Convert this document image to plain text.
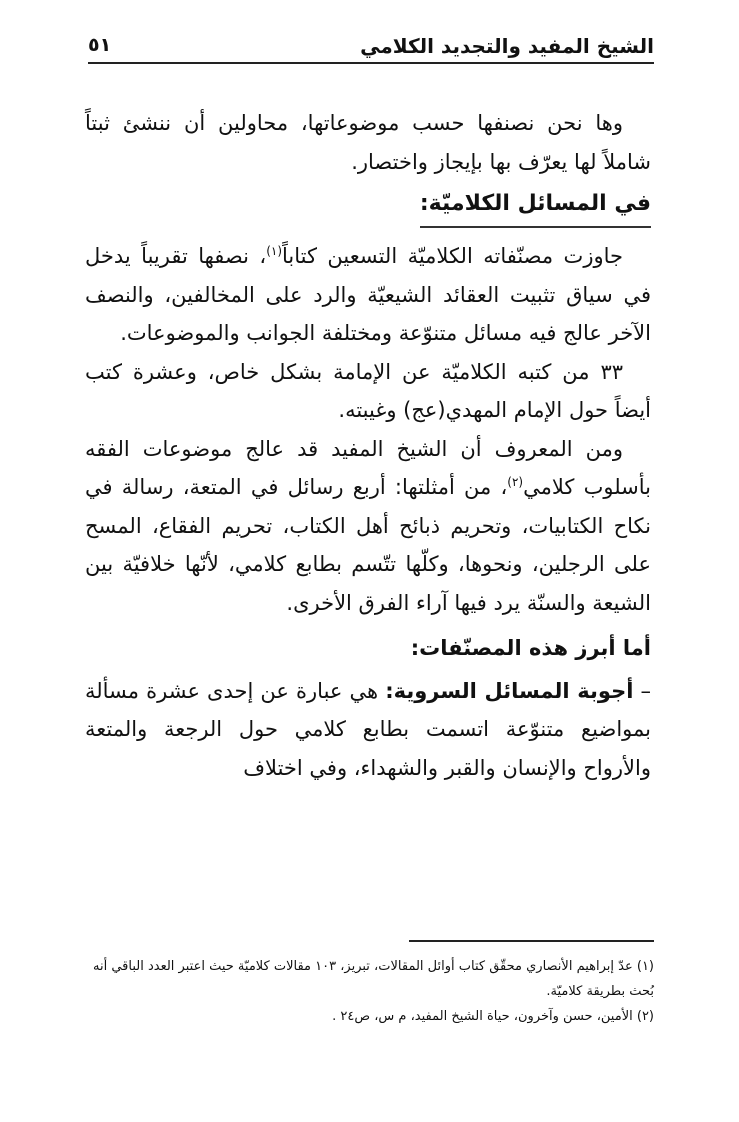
الشيخ المفيد والتجديد الكلامي
٥١

وها نحن نصنفها حسب موضوعاتها، محاولين أن ننشئ ثبتاً شاملاً لها يعرّف بها بإيجاز واختصار.

في المسائل الكلاميّة:

جاوزت مصنّفاته الكلاميّة التسعين كتاباً$^{(١)}$، نصفها تقريباً يدخل في سياق تثبيت العقائد الشيعيّة والرد على المخالفين، والنصف الآخر عالج فيه مسائل متنوّعة ومختلفة الجوانب والموضوعات.

٣٣ من كتبه الكلاميّة عن الإمامة بشكل خاص، وعشرة كتب أيضاً حول الإمام المهدي(عج) وغيبته.

ومن المعروف أن الشيخ المفيد قد عالج موضوعات الفقه بأسلوب كلامي$^{(٢)}$، من أمثلتها: أربع رسائل في المتعة، رسالة في نكاح الكتابيات، وتحريم ذبائح أهل الكتاب، تحريم الفقاع، المسح على الرجلين، ونحوها، وكلّها تتّسم بطابع كلامي، لأنّها خلافيّة بين الشيعة والسنّة يرد فيها آراء الفرق الأخرى.

أما أبرز هذه المصنّفات:

– أجوبة المسائل السروية: هي عبارة عن إحدى عشرة مسألة بمواضيع متنوّعة اتسمت بطابع كلامي حول الرجعة والمتعة والأرواح والإنسان والقبر والشهداء، وفي اختلاف

(١) عدّ إبراهيم الأنصاري محقّق كتاب أوائل المقالات، تبريز، ١٠٣ مقالات كلاميّة حيث اعتبر العدد الباقي أنه بُحث بطريقة كلاميّة.

(٢) الأمين، حسن وآخرون، حياة الشيخ المفيد، م س، ص٢٤ .
